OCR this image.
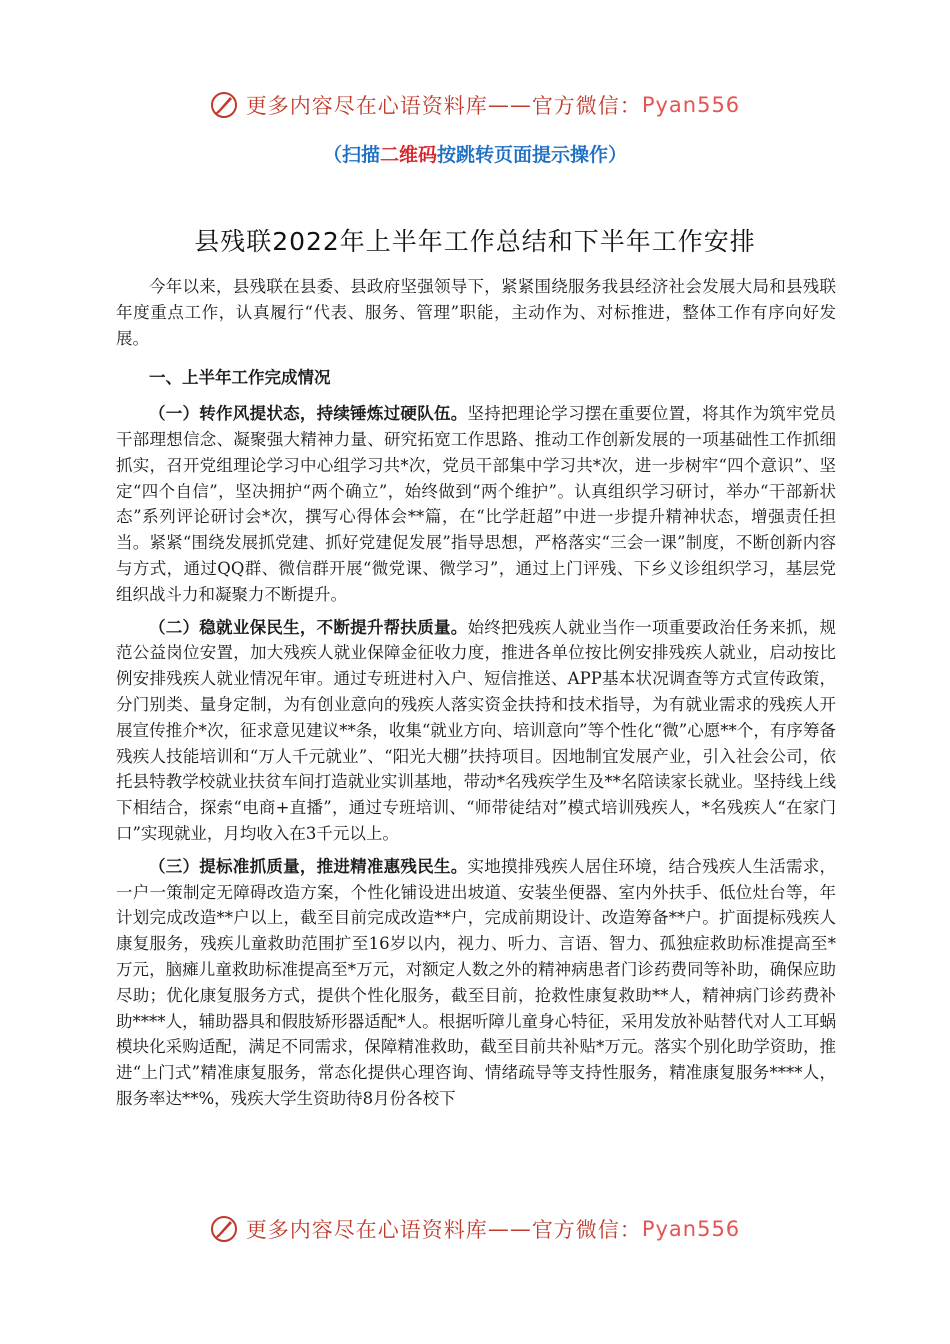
更多内容尽在心语资料库 —— 官方微信： Pyan556
（扫描二维码按跳转页面提示操作）
县残联2022年上半年工作总结和下半年工作安排

今年以来，县残联在县委、县政府坚强领导下，紧紧围绕服务我县经济社会发展大局和县残联年度重点工作，认真履行“代表、服务、管理”职能，主动作为、对标推进，整体工作有序向好发展。

一、上半年工作完成情况

（一）转作风提状态，持续锤炼过硬队伍。坚持把理论学习摆在重要位置，将其作为筑牢党员干部理想信念、凝聚强大精神力量、研究拓宽工作思路、推动工作创新发展的一项基础性工作抓细抓实，召开党组理论学习中心组学习共*次，党员干部集中学习共*次，进一步树牢“四个意识”、坚定“四个自信”，坚决拥护“两个确立”，始终做到“两个维护”。认真组织学习研讨，举办“干部新状态”系列评论研讨会*次，撰写心得体会**篇，在“比学赶超”中进一步提升精神状态，增强责任担当。紧紧“围绕发展抓党建、抓好党建促发展”指导思想，严格落实“三会一课”制度，不断创新内容与方式，通过QQ群、微信群开展“微党课、微学习”，通过上门评残、下乡义诊组织学习，基层党组织战斗力和凝聚力不断提升。

（二）稳就业保民生，不断提升帮扶质量。始终把残疾人就业当作一项重要政治任务来抓，规范公益岗位安置，加大残疾人就业保障金征收力度，推进各单位按比例安排残疾人就业，启动按比例安排残疾人就业情况年审。通过专班进村入户、短信推送、APP基本状况调查等方式宣传政策，分门别类、量身定制，为有创业意向的残疾人落实资金扶持和技术指导，为有就业需求的残疾人开展宣传推介*次，征求意见建议**条，收集“就业方向、培训意向”等个性化“微”心愿**个，有序筹备残疾人技能培训和“万人千元就业”、“阳光大棚”扶持项目。因地制宜发展产业，引入社会公司，依托县特教学校就业扶贫车间打造就业实训基地，带动*名残疾学生及**名陪读家长就业。坚持线上线下相结合，探索“电商+直播”，通过专班培训、“师带徒结对”模式培训残疾人，*名残疾人“在家门口”实现就业，月均收入在3千元以上。

（三）提标准抓质量，推进精准惠残民生。实地摸排残疾人居住环境，结合残疾人生活需求，一户一策制定无障碍改造方案，个性化铺设进出坡道、安装坐便器、室内外扶手、低位灶台等，年计划完成改造**户以上，截至目前完成改造**户，完成前期设计、改造筹备**户。扩面提标残疾人康复服务，残疾儿童救助范围扩至16岁以内，视力、听力、言语、智力、孤独症救助标准提高至*万元，脑瘫儿童救助标准提高至*万元，对额定人数之外的精神病患者门诊药费同等补助，确保应助尽助；优化康复服务方式，提供个性化服务，截至目前，抢救性康复救助**人，精神病门诊药费补助****人，辅助器具和假肢矫形器适配*人。根据听障儿童身心特征，采用发放补贴替代对人工耳蜗模块化采购适配，满足不同需求，保障精准救助，截至目前共补贴*万元。落实个别化助学资助，推进“上门式”精准康复服务，常态化提供心理咨询、情绪疏导等支持性服务，精准康复服务****人，服务率达**%，残疾大学生资助待8月份各校下

更多内容尽在心语资料库 —— 官方微信： Pyan556
